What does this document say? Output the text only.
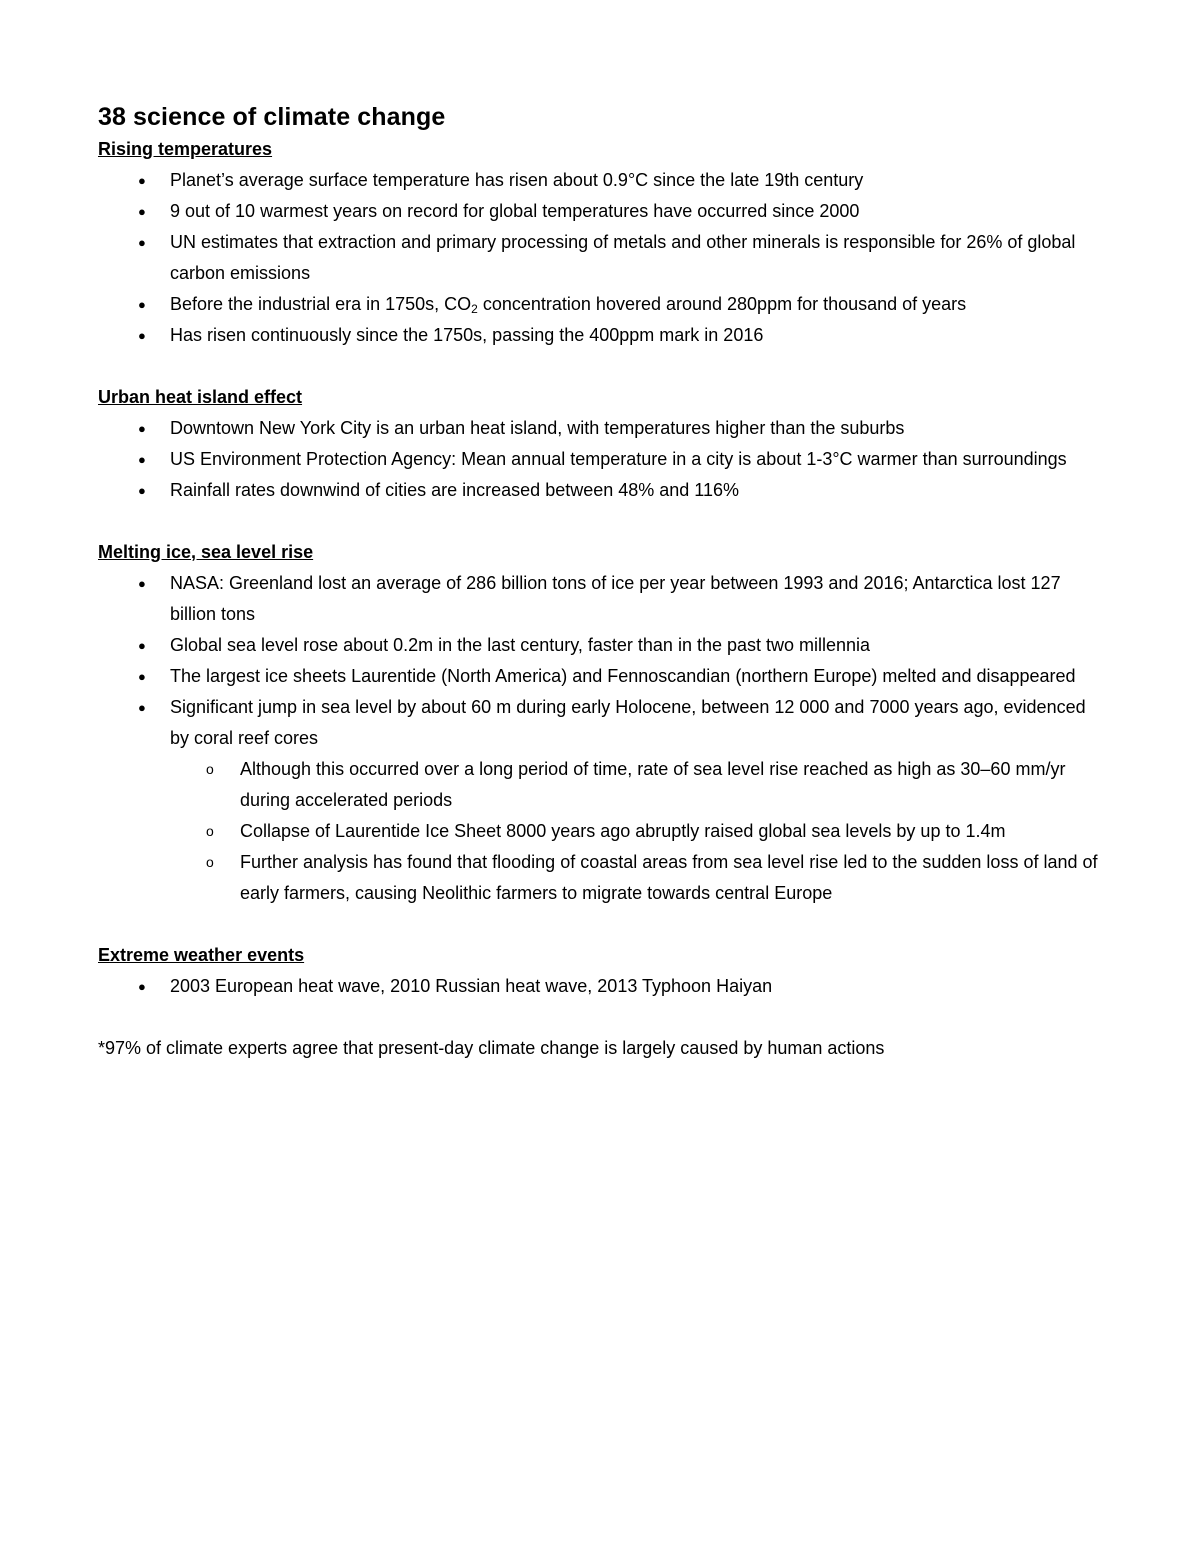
38 science of climate change
Rising temperatures
● Planet’s average surface temperature has risen about 0.9°C since the late 19th century
● 9 out of 10 warmest years on record for global temperatures have occurred since 2000
● UN estimates that extraction and primary processing of metals and other minerals is responsible for 26% of global carbon emissions
● Before the industrial era in 1750s, $CO_2$ concentration hovered around 280ppm for thousand of years
● Has risen continuously since the 1750s, passing the 400ppm mark in 2016
Urban heat island effect
● Downtown New York City is an urban heat island, with temperatures higher than the suburbs
● US Environment Protection Agency: Mean annual temperature in a city is about 1-3°C warmer than surroundings
● Rainfall rates downwind of cities are increased between 48% and 116%
Melting ice, sea level rise
● NASA: Greenland lost an average of 286 billion tons of ice per year between 1993 and 2016; Antarctica lost 127 billion tons
● Global sea level rose about 0.2m in the last century, faster than in the past two millennia
● The largest ice sheets Laurentide (North America) and Fennoscandian (northern Europe) melted and disappeared
● Significant jump in sea level by about 60 m during early Holocene, between 12 000 and 7000 years ago, evidenced by coral reef cores
o Although this occurred over a long period of time, rate of sea level rise reached as high as 30–60 mm/yr during accelerated periods
o Collapse of Laurentide Ice Sheet 8000 years ago abruptly raised global sea levels by up to 1.4m
o Further analysis has found that flooding of coastal areas from sea level rise led to the sudden loss of land of early farmers, causing Neolithic farmers to migrate towards central Europe
Extreme weather events
● 2003 European heat wave, 2010 Russian heat wave, 2013 Typhoon Haiyan

*97% of climate experts agree that present-day climate change is largely caused by human actions
